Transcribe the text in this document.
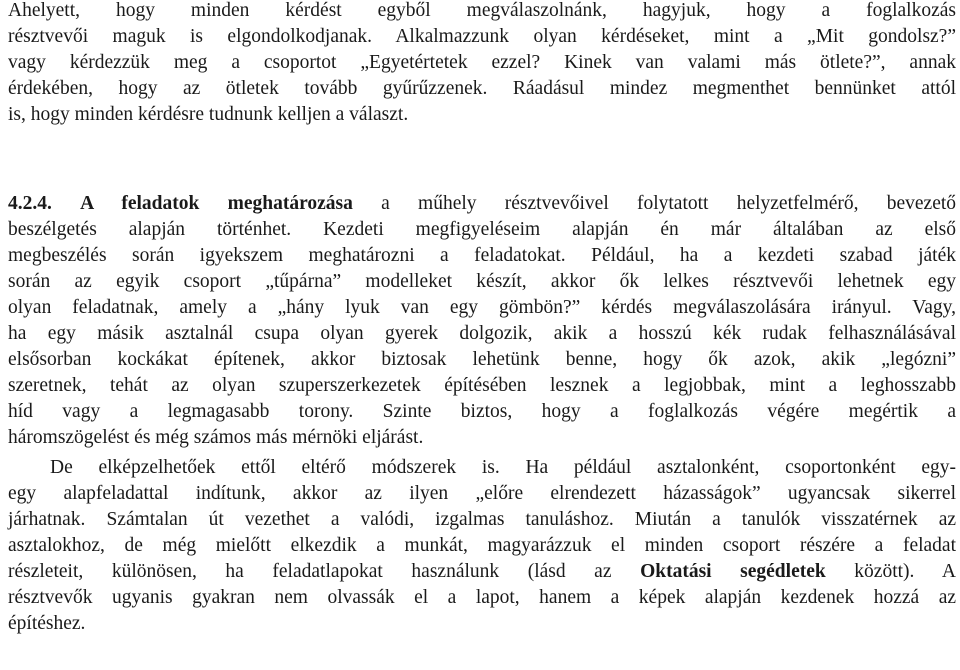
Ahelyett, hogy minden kérdést egyből megválaszolnánk, hagyjuk, hogy a foglalkozás
résztvevői maguk is elgondolkodjanak. Alkalmazzunk olyan kérdéseket, mint a „Mit gondolsz?”
vagy kérdezzük meg a csoportot „Egyetértetek ezzel? Kinek van valami más ötlete?”, annak
érdekében, hogy az ötletek tovább gyűrűzzenek. Ráadásul mindez megmenthet bennünket attól
is, hogy minden kérdésre tudnunk kelljen a választ.
4.2.4. A feladatok meghatározása a műhely résztvevőivel folytatott helyzetfelmérő, bevezető
beszélgetés alapján történhet. Kezdeti megfigyeléseim alapján én már általában az első
megbeszélés során igyekszem meghatározni a feladatokat. Például, ha a kezdeti szabad játék
során az egyik csoport „tűpárna” modelleket készít, akkor ők lelkes résztvevői lehetnek egy
olyan feladatnak, amely a „hány lyuk van egy gömbön?” kérdés megválaszolására irányul. Vagy,
ha egy másik asztalnál csupa olyan gyerek dolgozik, akik a hosszú kék rudak felhasználásával
elsősorban kockákat építenek, akkor biztosak lehetünk benne, hogy ők azok, akik „legózni”
szeretnek, tehát az olyan szuperszerkezetek építésében lesznek a legjobbak, mint a leghosszabb
híd vagy a legmagasabb torony. Szinte biztos, hogy a foglalkozás végére megértik a
háromszögelést és még számos más mérnöki eljárást.
De elképzelhetőek ettől eltérő módszerek is. Ha például asztalonként, csoportonként egy-
egy alapfeladattal indítunk, akkor az ilyen „előre elrendezett házasságok” ugyancsak sikerrel
járhatnak. Számtalan út vezethet a valódi, izgalmas tanuláshoz. Miután a tanulók visszatérnek az
asztalokhoz, de még mielőtt elkezdik a munkát, magyarázzuk el minden csoport részére a feladat
részleteit, különösen, ha feladatlapokat használunk (lásd az Oktatási segédletek között). A
résztvevők ugyanis gyakran nem olvassák el a lapot, hanem a képek alapján kezdenek hozzá az
építéshez.
